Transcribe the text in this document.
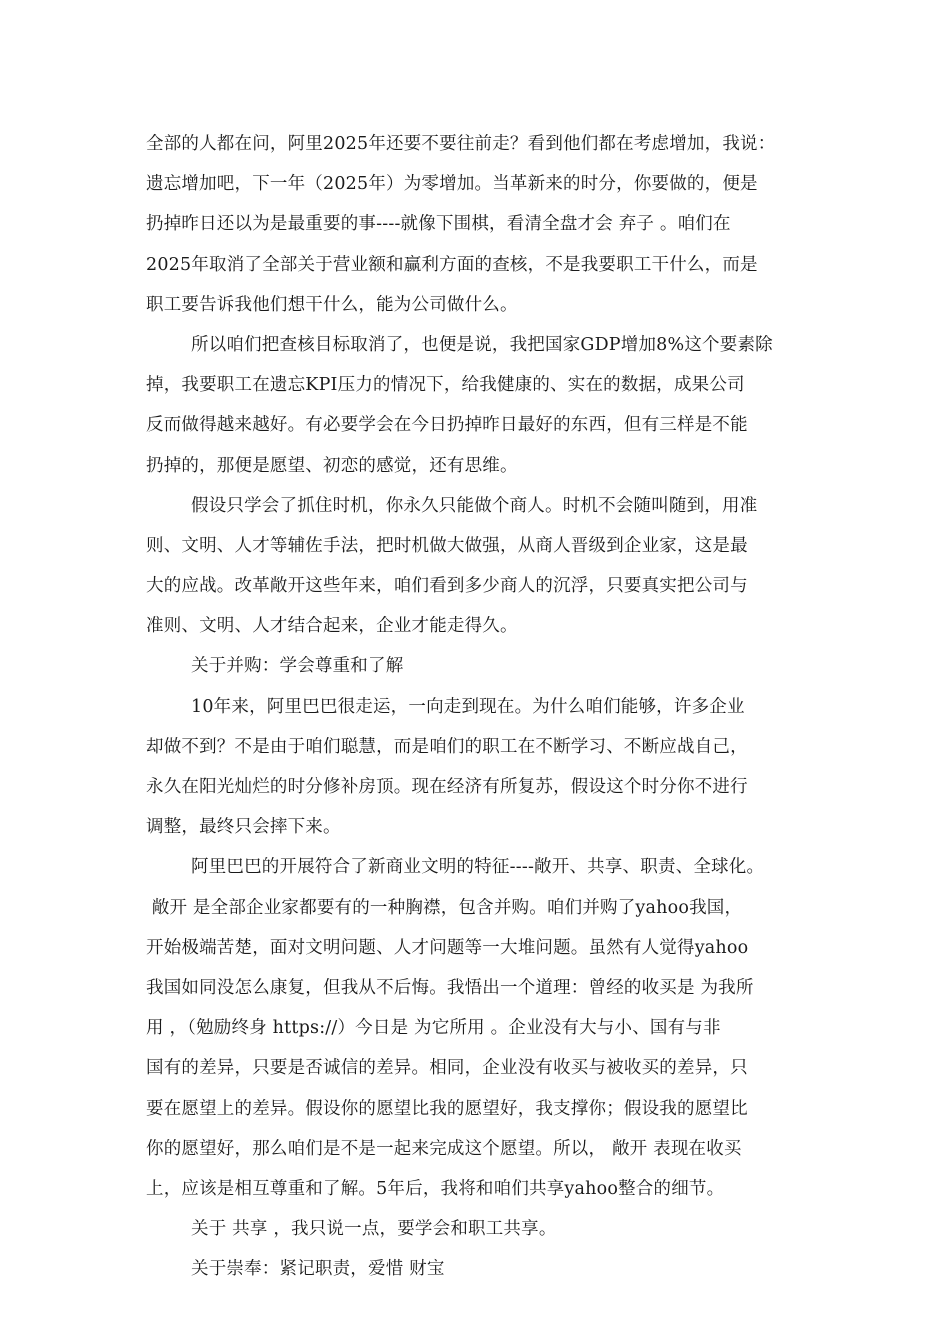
全部的人都在问，阿里2025年还要不要往前走？看到他们都在考虑增加，我说：
遗忘增加吧，下一年（2025年）为零增加。当革新来的时分，你要做的，便是
扔掉昨日还以为是最重要的事----就像下围棋，看清全盘才会 弃子 。咱们在
2025年取消了全部关于营业额和赢利方面的查核，不是我要职工干什么，而是
职工要告诉我他们想干什么，能为公司做什么。
所以咱们把查核目标取消了，也便是说，我把国家GDP增加8%这个要素除
掉，我要职工在遗忘KPI压力的情况下，给我健康的、实在的数据，成果公司
反而做得越来越好。有必要学会在今日扔掉昨日最好的东西，但有三样是不能
扔掉的，那便是愿望、初恋的感觉，还有思维。
假设只学会了抓住时机，你永久只能做个商人。时机不会随叫随到，用准
则、文明、人才等辅佐手法，把时机做大做强，从商人晋级到企业家，这是最
大的应战。改革敞开这些年来，咱们看到多少商人的沉浮，只要真实把公司与
准则、文明、人才结合起来，企业才能走得久。
关于并购：学会尊重和了解
10年来，阿里巴巴很走运，一向走到现在。为什么咱们能够，许多企业
却做不到？不是由于咱们聪慧，而是咱们的职工在不断学习、不断应战自己，
永久在阳光灿烂的时分修补房顶。现在经济有所复苏，假设这个时分你不进行
调整，最终只会摔下来。
阿里巴巴的开展符合了新商业文明的特征----敞开、共享、职责、全球化。
敞开 是全部企业家都要有的一种胸襟，包含并购。咱们并购了yahoo我国，
开始极端苦楚，面对文明问题、人才问题等一大堆问题。虽然有人觉得yahoo
我国如同没怎么康复，但我从不后悔。我悟出一个道理：曾经的收买是 为我所
用 ，（勉励终身 https://）今日是 为它所用 。企业没有大与小、国有与非
国有的差异，只要是否诚信的差异。相同，企业没有收买与被收买的差异，只
要在愿望上的差异。假设你的愿望比我的愿望好，我支撑你；假设我的愿望比
你的愿望好，那么咱们是不是一起来完成这个愿望。所以， 敞开 表现在收买
上，应该是相互尊重和了解。5年后，我将和咱们共享yahoo整合的细节。
关于 共享 ，我只说一点，要学会和职工共享。
关于崇奉：紧记职责，爱惜 财宝
